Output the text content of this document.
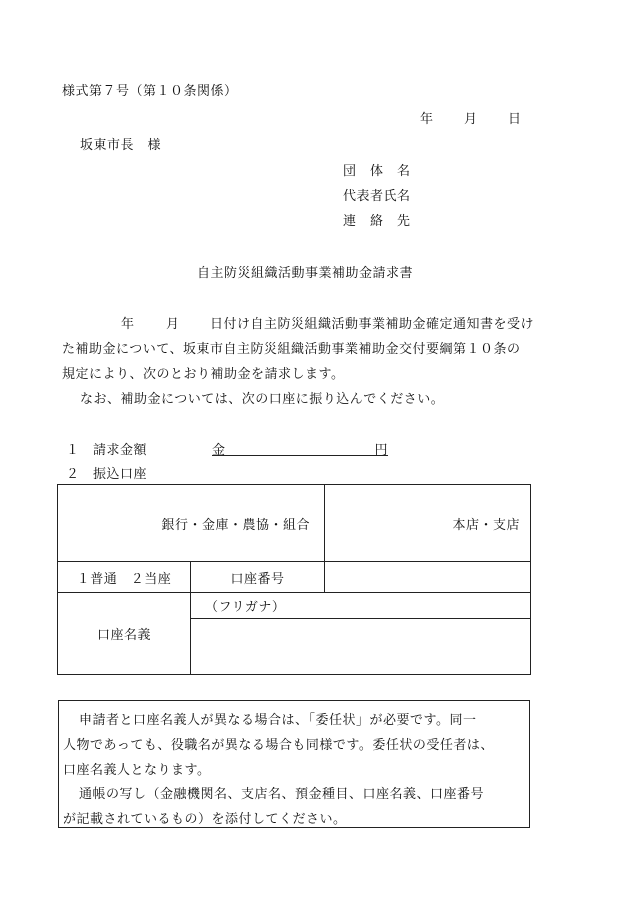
様式第７号（第１０条関係）
年 月 日
坂東市長　様
団　体　名
代表者氏名
連　絡　先
自主防災組織活動事業補助金請求書
年 月 日付け自主防災組織活動事業補助金確定通知書を受け
た補助金について、坂東市自主防災組織活動事業補助金交付要綱第１０条の
規定により、次のとおり補助金を請求します。
なお、補助金については、次の口座に振り込んでください。
１ 請求金額	金	円
２ 振込口座
銀行・金庫・農協・組合		本店・支店
１普通　２当座	口座番号	
口座名義	（フリガナ）	

申請者と口座名義人が異なる場合は、「委任状」が必要です。同一
人物であっても、役職名が異なる場合も同様です。委任状の受任者は、
口座名義人となります。
通帳の写し（金融機関名、支店名、預金種目、口座名義、口座番号
が記載されているもの）を添付してください。
